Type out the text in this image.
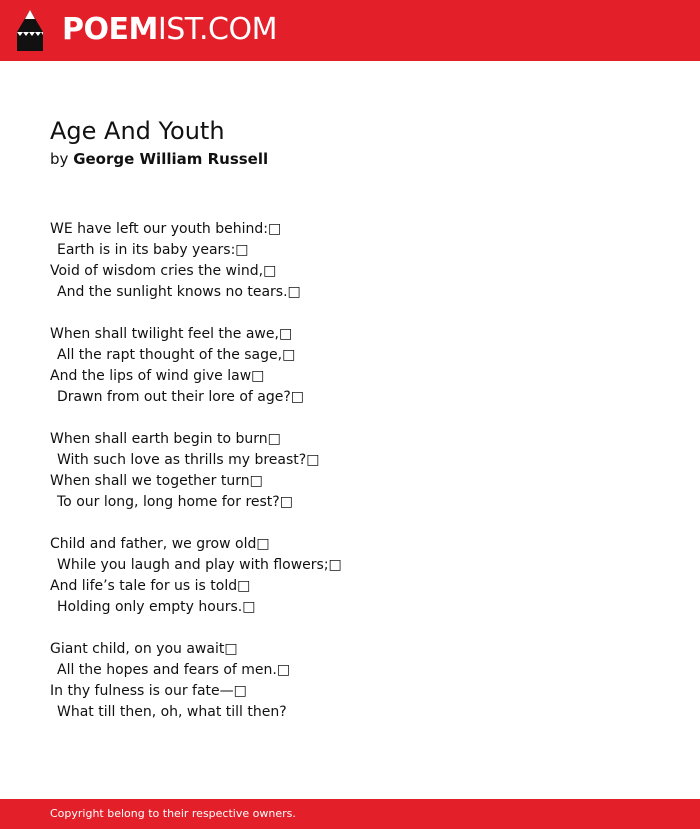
POEMIST.COM
Age And Youth
by George William Russell
WE have left our youth behind:□
Earth is in its baby years:□
Void of wisdom cries the wind,□
And the sunlight knows no tears.□
When shall twilight feel the awe,□
All the rapt thought of the sage,□
And the lips of wind give law□
Drawn from out their lore of age?□
When shall earth begin to burn□
With such love as thrills my breast?□
When shall we together turn□
To our long, long home for rest?□
Child and father, we grow old□
While you laugh and play with flowers;□
And life’s tale for us is told□
Holding only empty hours.□
Giant child, on you await□
All the hopes and fears of men.□
In thy fulness is our fate—□
What till then, oh, what till then?
Copyright belong to their respective owners.
